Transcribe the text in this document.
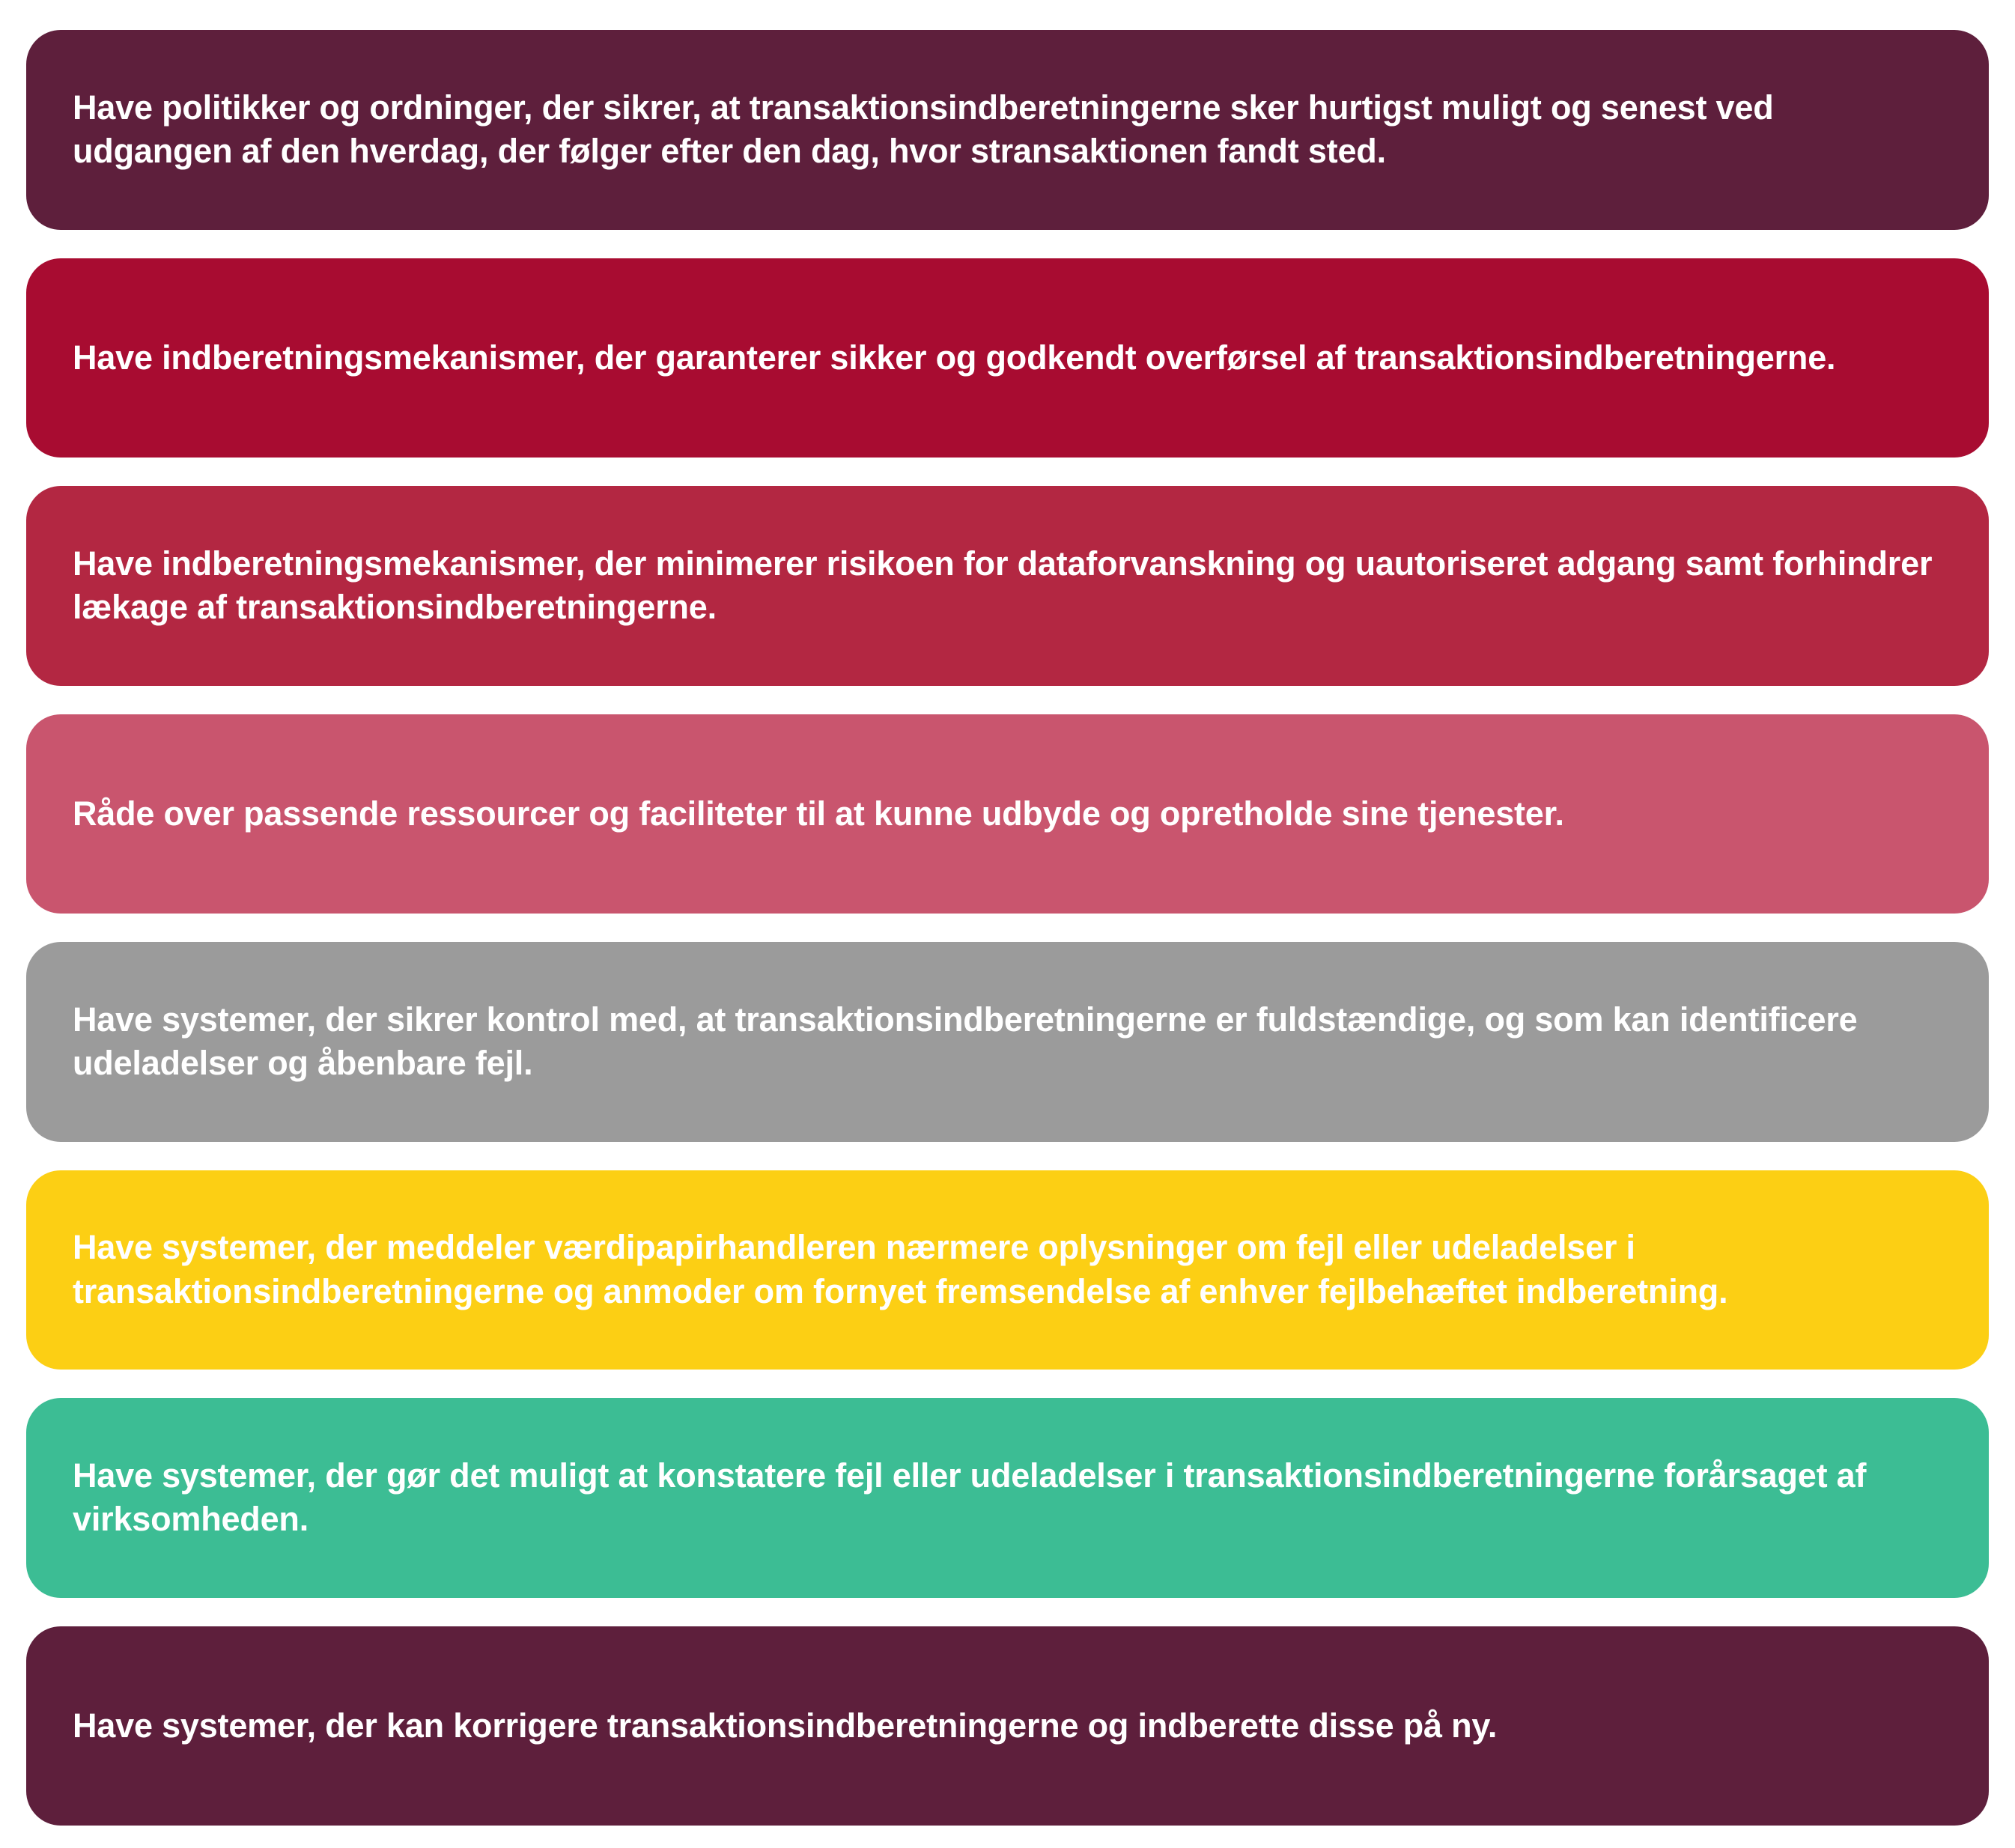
Have politikker og ordninger, der sikrer, at transaktionsindberetningerne sker hurtigst muligt og senest ved udgangen af den hverdag, der følger efter den dag, hvor stransaktionen fandt sted.

Have indberetningsmekanismer, der garanterer sikker og godkendt overførsel af transaktionsindberetningerne.

Have indberetningsmekanismer, der minimerer risikoen for dataforvanskning og uautoriseret adgang samt forhindrer lækage af transaktionsindberetningerne.

Råde over passende ressourcer og faciliteter til at kunne udbyde og opretholde sine tjenester.

Have systemer, der sikrer kontrol med, at transaktionsindberetningerne er fuldstændige, og som kan identificere udeladelser og åbenbare fejl.

Have systemer, der meddeler værdipapirhandleren nærmere oplysninger om fejl eller udeladelser i transaktionsindberetningerne og anmoder om fornyet fremsendelse af enhver fejlbehæftet indberetning.

Have systemer, der gør det muligt at konstatere fejl eller udeladelser i transaktionsindberetningerne forårsaget af virksomheden.

Have systemer, der kan korrigere transaktionsindberetningerne og indberette disse på ny.
